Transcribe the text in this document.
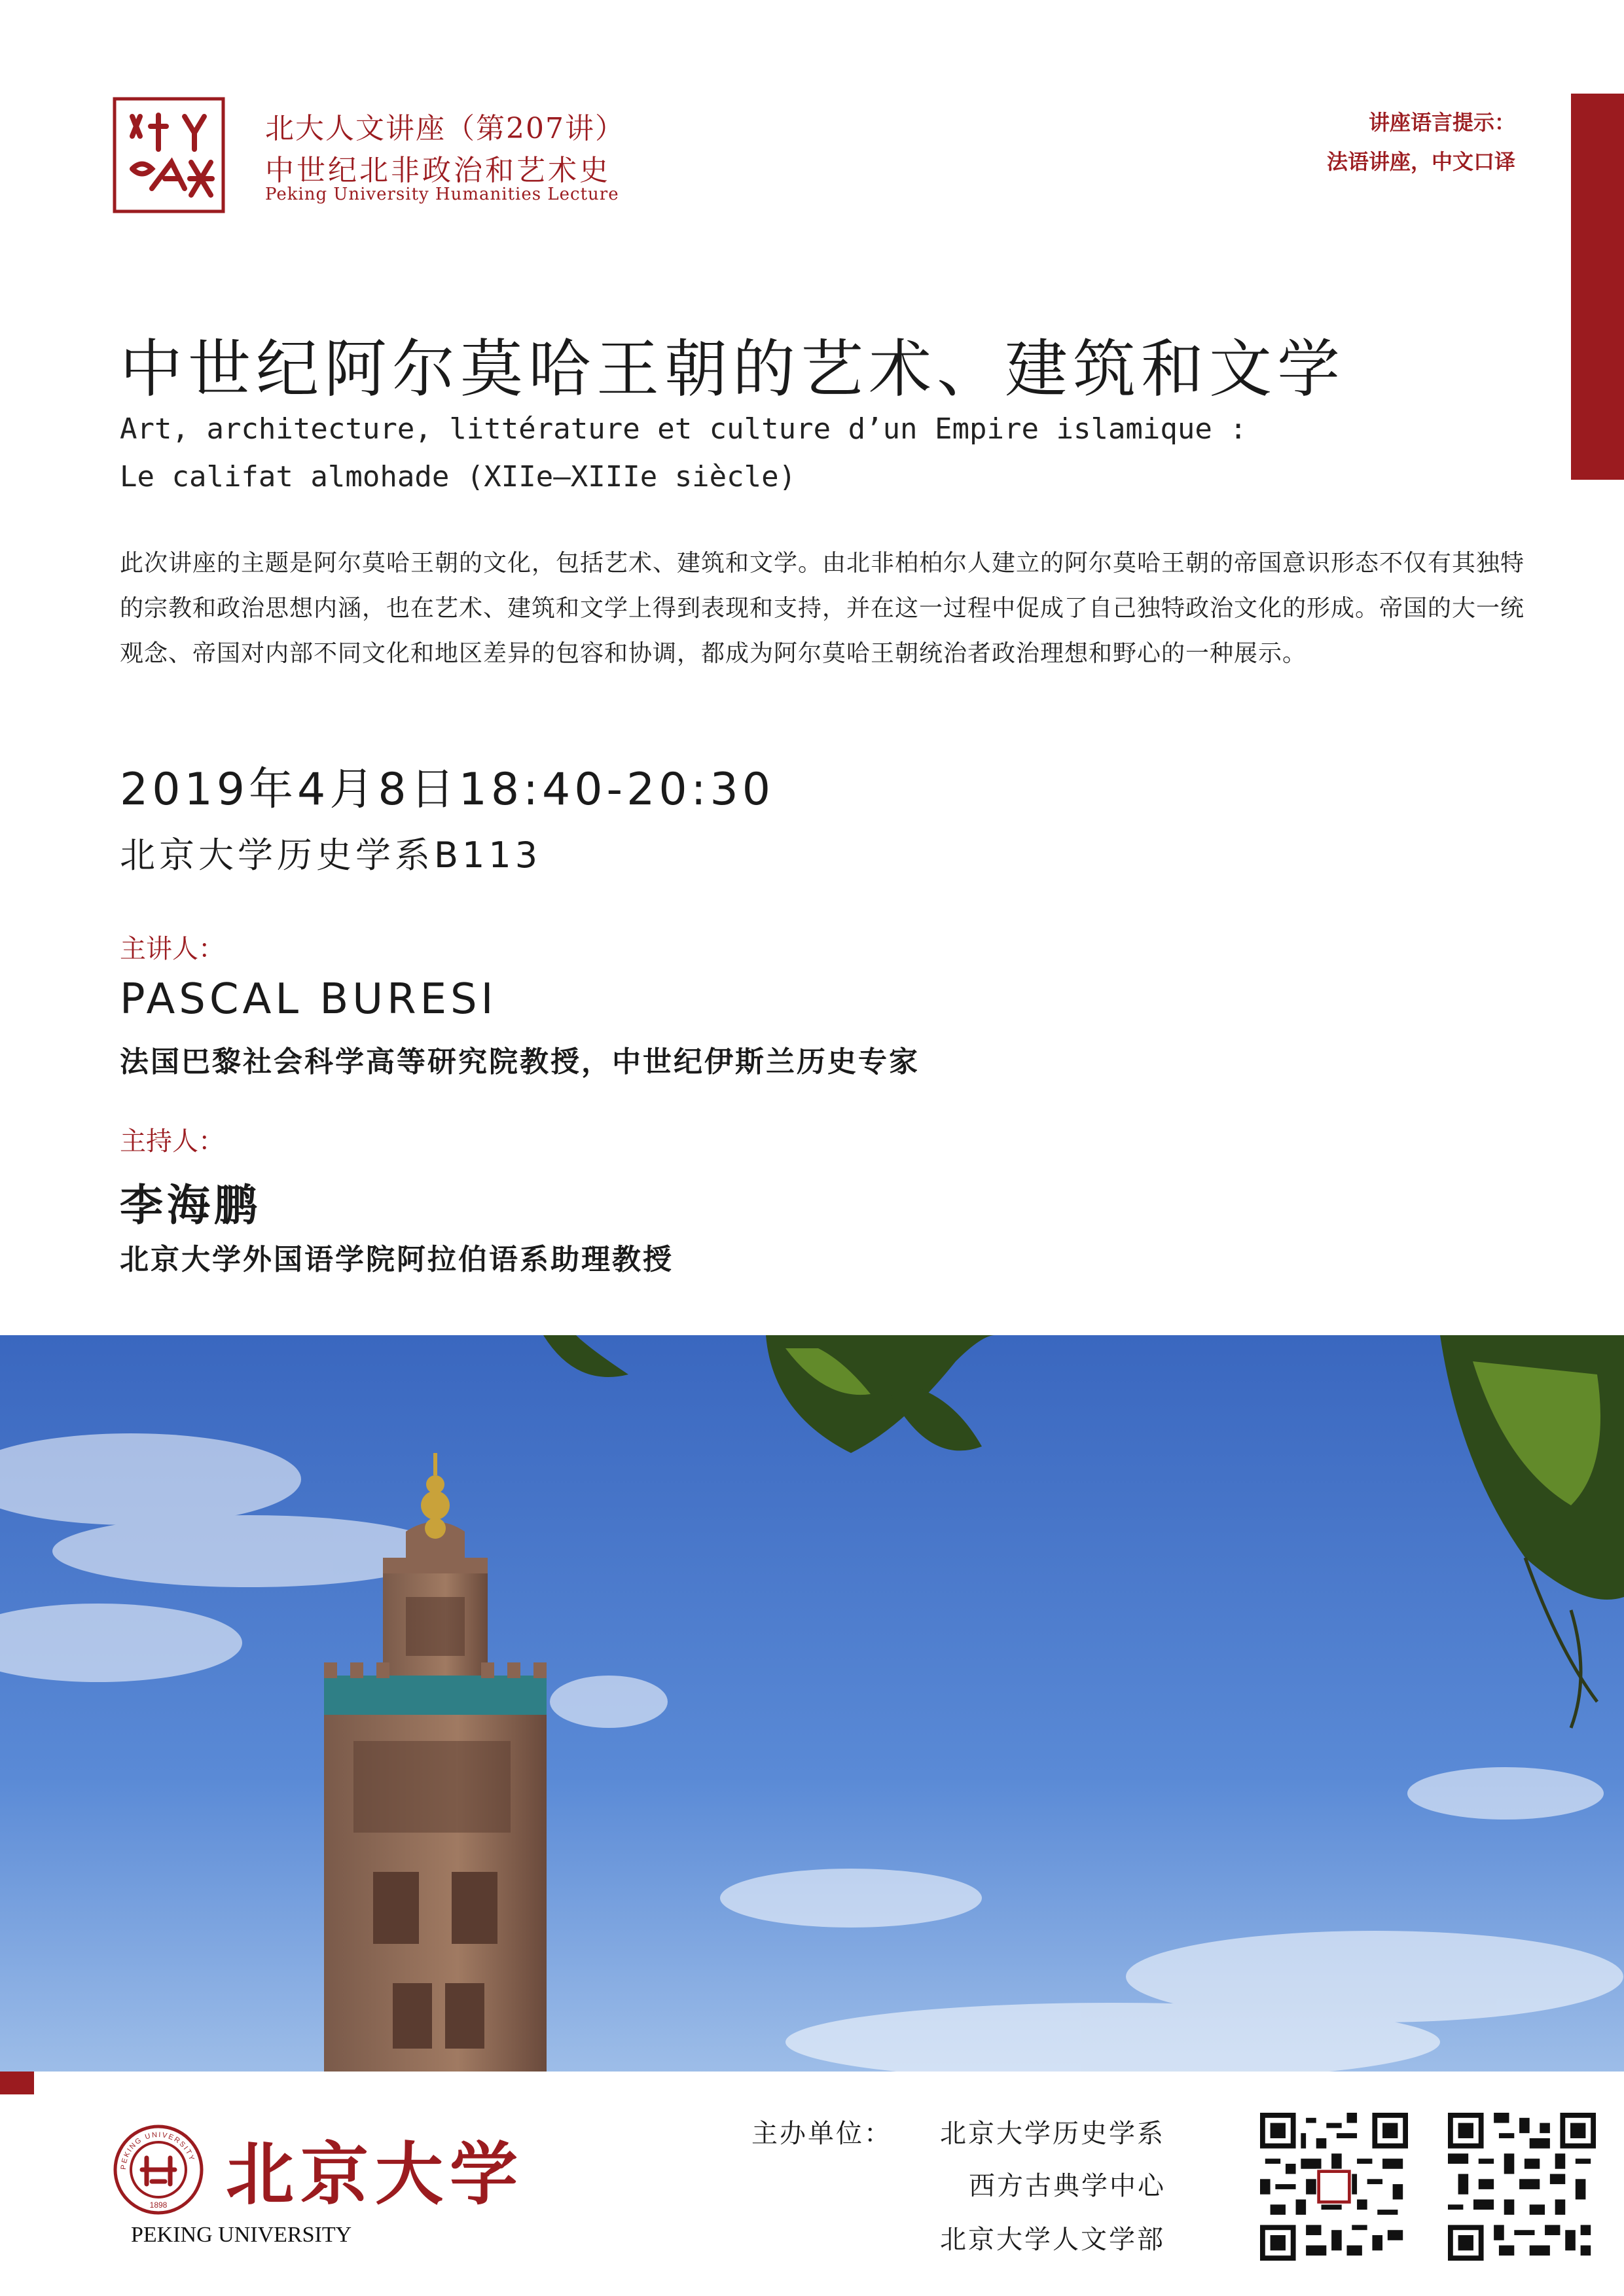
北大人文讲座（第207讲）
中世纪北非政治和艺术史
Peking University Humanities Lecture
讲座语言提示：
法语讲座，中文口译
中世纪阿尔莫哈王朝的艺术、建筑和文学
Art, architecture, littérature et culture d’un Empire islamique :
Le califat almohade (XIIe–XIIIe siècle)
此次讲座的主题是阿尔莫哈王朝的文化，包括艺术、建筑和文学。由北非柏柏尔人建立的阿尔莫哈王朝的帝国意识形态不仅有其独特的宗教和政治思想内涵，也在艺术、建筑和文学上得到表现和支持，并在这一过程中促成了自己独特政治文化的形成。帝国的大一统观念、帝国对内部不同文化和地区差异的包容和协调，都成为阿尔莫哈王朝统治者政治理想和野心的一种展示。
2019年4月8日18:40-20:30
北京大学历史学系B113
主讲人：
PASCAL BURESI
法国巴黎社会科学高等研究院教授，中世纪伊斯兰历史专家
主持人：
李海鹏
北京大学外国语学院阿拉伯语系助理教授
PEKING UNIVERSITY
1898 北京大学
PEKING UNIVERSITY
主办单位： 北京大学历史学系
西方古典学中心
北京大学人文学部
